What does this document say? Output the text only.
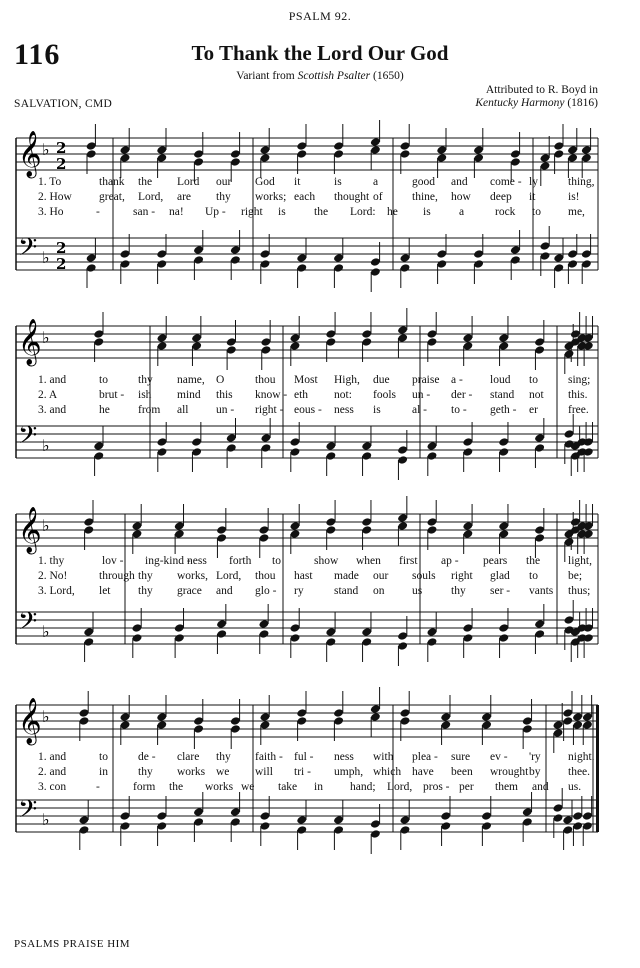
PSALM 92.
116	To Thank the Lord Our God
Variant from Scottish Psalter (1650)
Attributed to R. Boyd in
Kentucky Harmony (1816)
SALVATION, CMD
𝄞
𝄢
♭
♭
2
2
2
2
1. To	thank the Lord our God it	is	a	good and come - ly	thing,
2. How great, Lord, are thy works; each thought of	thine, how deep it	is!
3. Ho	-	san - na! Up - right is the Lord: he is a	rock to me,
𝄞
𝄢
♭
♭
1. and	to	thy name, O	thou Most High, due praise a - loud to	sing;
2. A	brut - ish mind this know - eth not: fools un - der - stand not this.
3. and	he from all un - right - eous - ness is	al - to - geth - er	free.
𝄞
𝄢
♭
♭
1. thy	lov - ing-kind -
ness forth to	show when first ap - pears the light,
2. No!	through thy works, Lord, thou hast made our souls right glad to	be;
3. Lord, let thy grace and glo - ry	stand on us	thy ser - vants thus;
𝄞
𝄢
♭
♭
1. and	to	de - clare thy faith - ful - ness with plea - sure ev - 'ry night.
2. and	in	thy works we will tri - umph, which have been wrought by thee.
3. con	-	form the works we take in hand; Lord, pros - per them and us.
PSALMS PRAISE HIM
